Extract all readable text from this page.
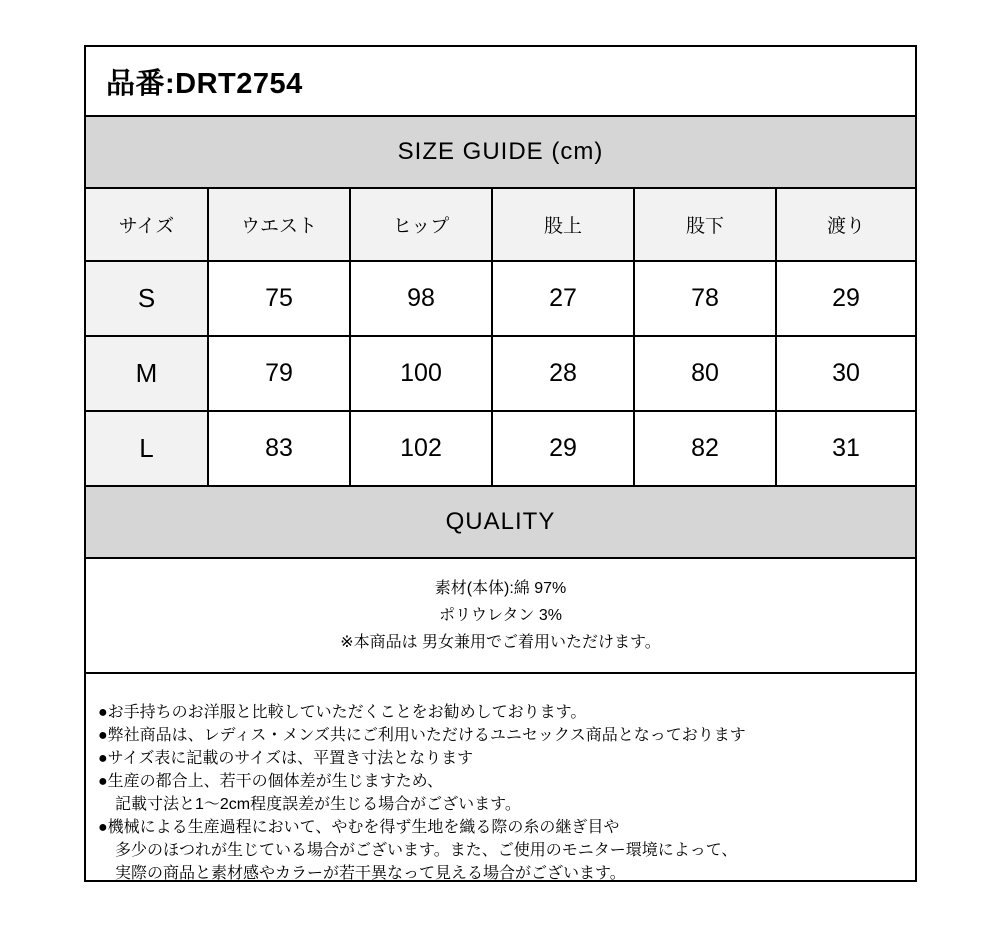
品番:DRT2754
SIZE GUIDE (cm)
サイズ	ウエスト	ヒップ	股上	股下	渡り
S	75	98	27	78	29
M	79	100	28	80	30
L	83	102	29	82	31
QUALITY
素材(本体):綿 97%
ポリウレタン 3%
※本商品は 男女兼用でご着用いただけます。
●お手持ちのお洋服と比較していただくことをお勧めしております。
●弊社商品は、レディス・メンズ共にご利用いただけるユニセックス商品となっております
●サイズ表に記載のサイズは、平置き寸法となります
●生産の都合上、若干の個体差が生じますため、
記載寸法と1～2cm程度誤差が生じる場合がございます。
●機械による生産過程において、やむを得ず生地を織る際の糸の継ぎ目や
多少のほつれが生じている場合がございます。また、ご使用のモニター環境によって、
実際の商品と素材感やカラーが若干異なって見える場合がございます。
